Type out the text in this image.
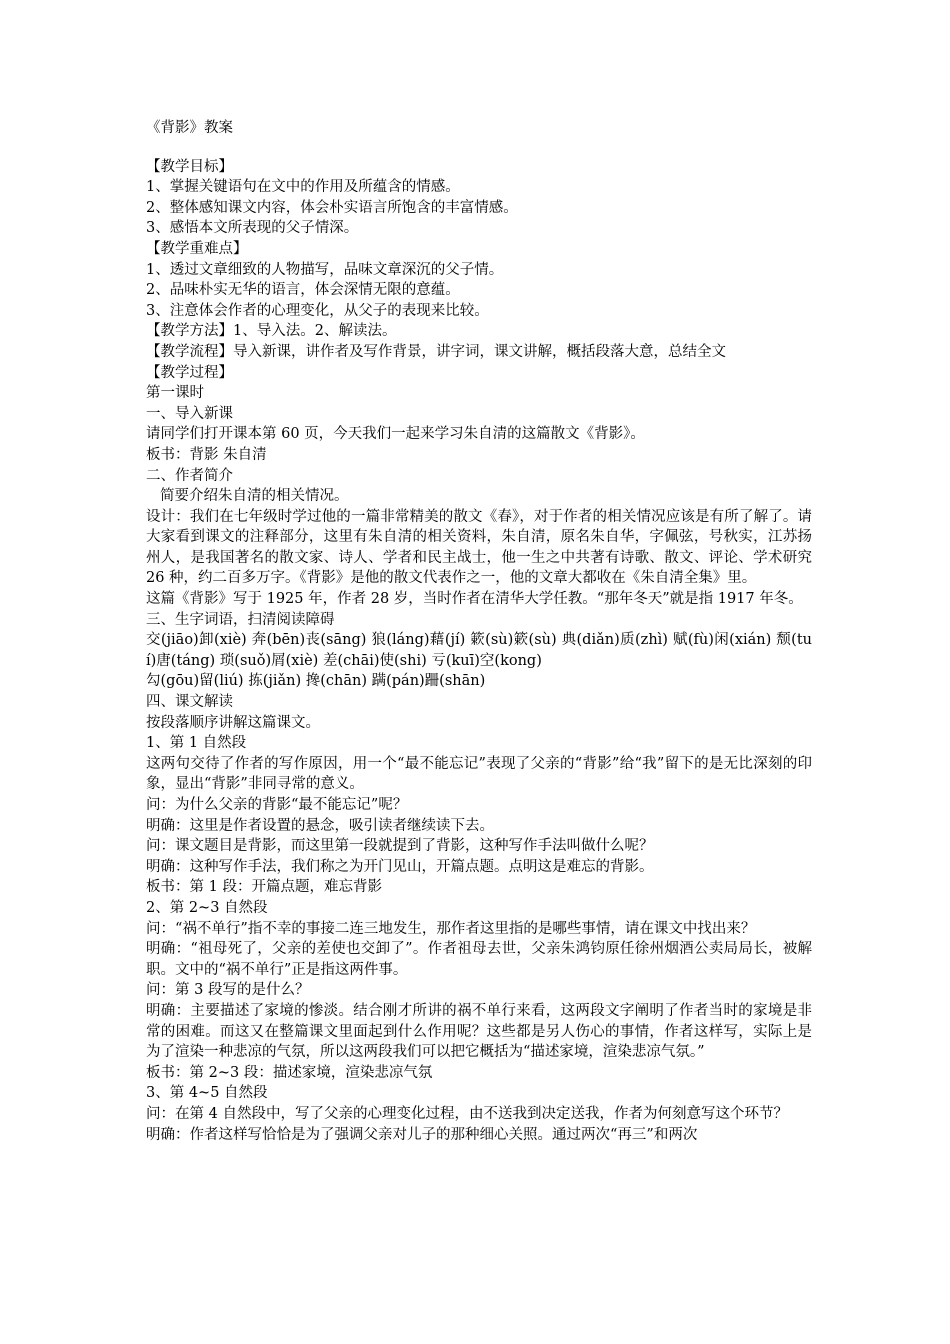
《背影》教案

【教学目标】

1、掌握关键语句在文中的作用及所蕴含的情感。

2、整体感知课文内容，体会朴实语言所饱含的丰富情感。

3、感悟本文所表现的父子情深。

【教学重难点】

1、透过文章细致的人物描写，品味文章深沉的父子情。

2、品味朴实无华的语言，体会深情无限的意蕴。

3、注意体会作者的心理变化，从父子的表现来比较。

【教学方法】1、导入法。2、解读法。

【教学流程】导入新课，讲作者及写作背景，讲字词，课文讲解，概括段落大意，总结全文

【教学过程】

第一课时

一、导入新课

请同学们打开课本第 60 页，今天我们一起来学习朱自清的这篇散文《背影》。

板书：背影 朱自清

二、作者简介

简要介绍朱自清的相关情况。

设计：我们在七年级时学过他的一篇非常精美的散文《春》，对于作者的相关情况应该是有所了解了。请大家看到课文的注释部分，这里有朱自清的相关资料，朱自清，原名朱自华，字佩弦，号秋实，江苏扬州人，是我国著名的散文家、诗人、学者和民主战士，他一生之中共著有诗歌、散文、评论、学术研究 26 种，约二百多万字。《背影》是他的散文代表作之一，他的文章大都收在《朱自清全集》里。

这篇《背影》写于 1925 年，作者 28 岁，当时作者在清华大学任教。“那年冬天”就是指 1917 年冬。

三、生字词语，扫清阅读障碍

交(jiāo)卸(xiè) 奔(bēn)丧(sāng) 狼(láng)藉(jí) 簌(sù)簌(sù) 典(diǎn)质(zhì) 赋(fù)闲(xián) 颓(tuí)唐(táng) 琐(suǒ)屑(xiè) 差(chāi)使(shi) 亏(kuī)空(kong)

勾(gōu)留(liú) 拣(jiǎn) 搀(chān) 蹒(pán)跚(shān)

四、课文解读

按段落顺序讲解这篇课文。

1、第 1 自然段

这两句交待了作者的写作原因，用一个“最不能忘记”表现了父亲的“背影”给“我”留下的是无比深刻的印象，显出“背影”非同寻常的意义。

问：为什么父亲的背影“最不能忘记”呢？

明确：这里是作者设置的悬念，吸引读者继续读下去。

问：课文题目是背影，而这里第一段就提到了背影，这种写作手法叫做什么呢？

明确：这种写作手法，我们称之为开门见山，开篇点题。点明这是难忘的背影。

板书：第 1 段：开篇点题，难忘背影

2、第 2~3 自然段

问：“祸不单行”指不幸的事接二连三地发生，那作者这里指的是哪些事情，请在课文中找出来？

明确：“祖母死了，父亲的差使也交卸了”。作者祖母去世，父亲朱鸿钧原任徐州烟酒公卖局局长，被解职。文中的“祸不单行”正是指这两件事。

问：第 3 段写的是什么？

明确：主要描述了家境的惨淡。结合刚才所讲的祸不单行来看，这两段文字阐明了作者当时的家境是非常的困难。而这又在整篇课文里面起到什么作用呢？这些都是另人伤心的事情，作者这样写，实际上是为了渲染一种悲凉的气氛，所以这两段我们可以把它概括为“描述家境，渲染悲凉气氛。”

板书：第 2~3 段：描述家境，渲染悲凉气氛

3、第 4~5 自然段

问：在第 4 自然段中，写了父亲的心理变化过程，由不送我到决定送我，作者为何刻意写这个环节？

明确：作者这样写恰恰是为了强调父亲对儿子的那种细心关照。通过两次“再三”和两次
